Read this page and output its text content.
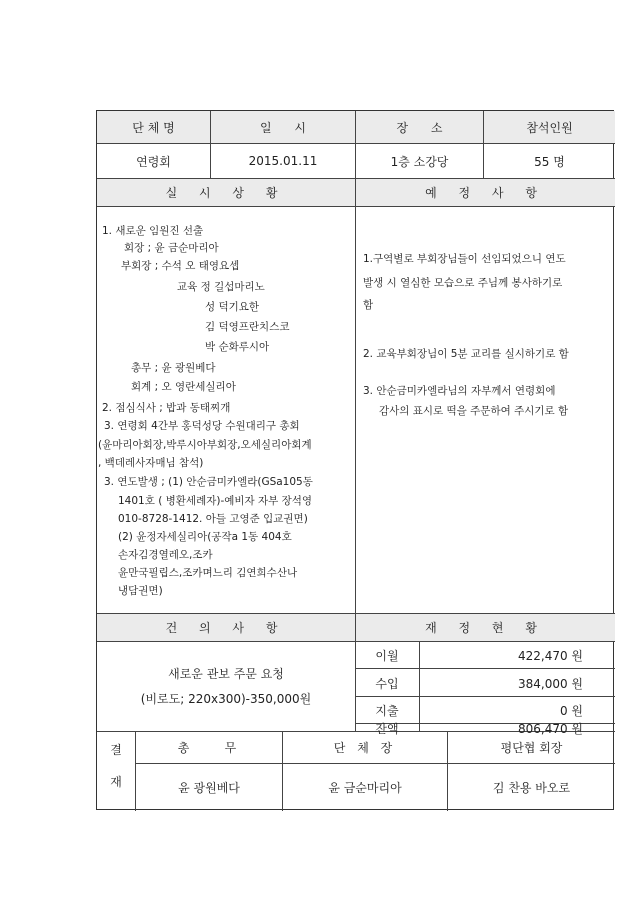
단 체 명	일      시	장      소	참석인원
연령회	2015.01.11	1층 소강당	55 명
실 시 상 황	예 정 사 항
1. 새로운 임원진 선출
회장 ; 윤 금순마리아
부회장 ; 수석 오 태영요셉
교육 정 길섭마리노
성 덕기요한
김 덕영프란치스코
박 순화루시아
총무 ; 윤 광원베다
회계 ; 오 영란세실리아
2. 점심식사 ; 밥과 동태찌개
3. 연령회 4간부 홍덕성당 수원대리구 총회
(윤마리아회장,박루시아부회장,오세실리아회계
, 백데레사자매님 참석)
3. 연도발생 ; (1) 안순금미카엘라(GSa105동
1401호 ( 병환세례자)-예비자 자부 장석영
010-8728-1412. 아들 고영준 입교권면)
(2) 윤정자세실리아(공작a 1동 404호
손자김경열레오,조카
윤만국필립스,조카며느리 김연희수산나
냉담권면)
1.구역별로 부회장님들이 선임되었으니 연도
발생 시 열심한 모습으로 주님께 봉사하기로
함
2. 교육부회장님이 5분 교리를 실시하기로 함
3. 안순금미카엘라님의 자부께서 연령회에
감사의 표시로 떡을 주문하여 주시기로 함
건 의 사 항	재 정 현 황
새로운 관보 주문 요청
(비로도; 220x300)-350,000원
이월	422,470 원
수입	384,000 원
지출	0 원
잔액	806,470 원
결
재
총    무	단 체 장	평단협 회장
윤 광원베다	윤 금순마리아	김 찬용 바오로
